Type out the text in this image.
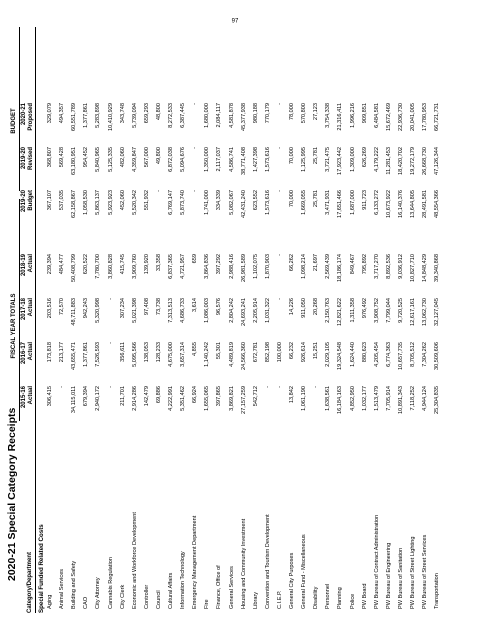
2020-21 Special Category Receipts
FISCAL YEAR TOTALS
BUDGET
Category/Department
2015-16 Actual
2016-17 Actual
2017-18 Actual
2018-19 Actual
2019-20 Budget
2019-20 Revised
2020-21 Proposed
Special Funded Related Costs Aging
306,415
173,818
203,516
239,394
367,107
368,807
329,079
Animal Services
-
213,177
72,570
484,477
537,035
569,428
494,357
Building and Safety
34,115,011
43,655,471
48,711,883
50,408,799
62,158,867
63,180,951
60,551,789
CAO
679,394
1,377,861
942,243
620,522
1,058,530
954,452
1,377,861
City Attorney
2,940,172
7,526,593
5,320,998
7,780,700
5,863,137
5,840,965
5,283,898
Cannabis Regulation
-
-
-
3,860,828
5,923,923
5,125,335
10,410,929
City Clerk
211,701
356,611
307,234
415,745
452,060
482,060
343,748
Economic and Workforce Development
2,914,286
5,095,566
5,021,398
3,909,760
5,520,342
4,359,847
5,739,094
Controller
142,479
138,053
97,408
139,920
551,932
567,000
659,293
Council
69,886
128,233
73,738
33,358
-
49,800
48,800
Cultural Affairs
4,222,991
4,675,000
7,313,513
6,837,365
6,769,147
6,872,038
8,272,533
Information Technology
5,351,462
3,657,314
4,686,733
4,721,957
5,873,740
5,094,676
6,387,445
Emergency Management Department
66,924
4,855
3,614
659
-
-
-
Fire
1,655,065
1,140,242
1,086,003
3,864,836
1,741,000
1,350,000
1,680,000
Finance, Office of
397,865
55,301
96,576
397,292
334,339
2,117,037
2,084,117
General Services
3,869,821
4,489,819
2,804,242
2,988,416
5,082,067
4,586,741
4,581,878
Housing and Community Investment
27,157,259
24,566,360
24,693,241
26,981,589
42,431,240
38,771,408
45,377,938
Library
542,712
672,781
2,205,914
1,102,075
623,552
1,427,398
980,188
Convention and Tourism Development
-
852,198
1,031,322
1,870,903
1,573,616
1,573,616
770,179
C.I.E.P.
-
100,000
-
-
-
-
-
General City Purposes
13,842
66,232
14,226
66,262
70,000
70,000
78,000
General Fund - Miscellaneous
1,061,190
926,614
911,050
1,098,214
1,669,055
1,125,995
570,800
Disability
-
15,251
20,268
21,697
25,781
25,781
27,123
Personnel
1,638,561
2,029,105
2,150,763
2,569,439
3,471,931
3,721,475
3,754,338
Planning
16,184,163
19,324,548
12,821,622
18,186,174
17,651,466
17,923,442
21,316,411
Police
4,852,950
1,624,440
1,311,358
849,467
1,687,000
1,309,000
1,996,216
PW Board
1,032,177
880,623
976,492
795,892
911,723
626,269
909,851
PW Bureau of Contract Administration
1,513,479
4,205,454
3,908,752
3,717,270
6,133,272
4,179,222
6,484,581
PW Bureau of Engineering
7,705,914
6,774,363
7,799,044
8,892,536
10,673,922
11,281,453
15,672,469
PW Bureau of Sanitation
10,891,343
10,657,735
9,720,525
9,036,912
16,140,376
18,420,702
22,936,730
PW Bureau of Street Lighting
7,118,252
8,705,512
12,617,161
10,827,710
13,644,805
19,272,179
20,041,005
PW Bureau of Street Services
4,944,124
7,304,262
13,062,730
14,848,429
28,491,581
26,668,730
17,780,953
Transportation
25,304,835
30,509,606
32,127,045
39,340,868
48,554,366
47,126,344
66,721,731
97
